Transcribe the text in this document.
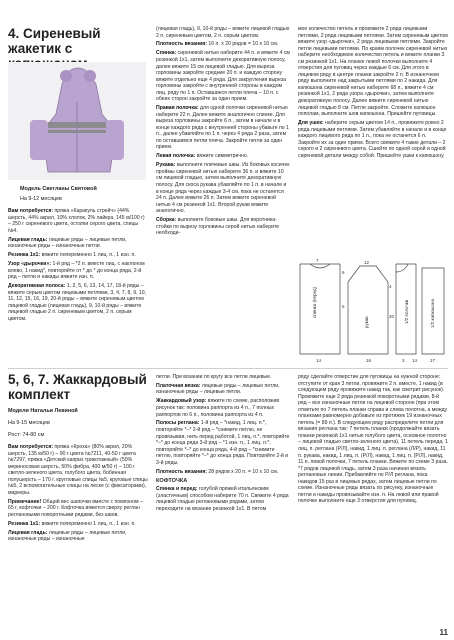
4. Сиреневый жакетик с
Модель Светланы Святовой
На 9-12 месяцев

Вам потребуется: пряжа «Каракуль стрейч» (44% шерсть, 44% акрил, 10% хлопок, 2% лайкра, 145 м/100 г) – 250 г сиреневого цвета, остатки серого цвета, спицы №4.

Лицевая гладь: лицевые ряды – лицевые петли, изнаночные ряды – изнаночные петли.

Резинка 1х1: вяжите попеременно 1 лиц. п., 1 изн. п.

Узор «дырочки»: 1-й ряд – *2 п. вместе лиц. с наклоном влево, 1 накид*, повторяйте от * до * до конца ряда, 2-й ряд – петли и накиды вяжите изн. п.

Декоративная полоса: 1, 2, 5, 6, 13, 14, 17, 18-й ряды – вяжите серым цветом лицевыми петлями, 3, 4, 7, 8, 9, 10, 11, 12, 15, 16, 19, 20-й ряды – вяжите сиреневым цветом лицевой гладью (лицевая гладь), 9, 10-й ряды – вяжите лицевой гладью 2 п. сиреневым цветом, 2 п. серым цветом.

(лицевая гладь), 9, 10-й ряды – вяжите лицевой гладью 2 п. сиреневым цветом, 2 п. серым цветом.

Плотность вязания: 16 п. х 20 рядов = 10 х 10 см.

Спинка: сиреневой нитью наберите 44 п. и вяжите 4 см резинкой 1х1, затем выполните декоративную полосу, далее вяжите 15 см лицевой гладью. Для выреза горловины закройте средние 20 п. и каждую сторону вяжите отдельно еще 4 ряда. Для закругления выреза горловины закройте с внутренней стороны в каждом лиц. ряду по 1 п. Оставшиеся петли плеча – 10 п. с обеих сторон закройте за один прием.

Правая полочка: для одной полочки сиреневой нитью наберите 22 п. Далее вяжите аналогично спинке. Для выреза горловины закройте 6 п., затем в начале и в конце каждого ряда с внутренней стороны убавьте по 1 п., далее убавляйте по 1 п. через 4 ряда 2 раза, затем по оставшимся петли плеча. Закройте петли за один прием.

Левая полочка: вяжите симметрично.

Рукава: выполните плечевые швы. Из боковых косичек проймы сиреневой нитью наберите 36 п. и вяжите 10 см лицевой гладью, затем выполните декоративную полосу. Для скоса рукава убавляйте по 1 п. в начале и в конце ряда через каждые 3-4 см, пока не останется 24 п. Далее вяжите 26 п. Затем вяжите сиреневой нитью 4 см резинкой 1х1. Второй рукав вяжите аналогично.

Сборка: выполните боковые швы. Для воротника-стойки по вырезу горловины серой нитью наберите необходи-

мое количество петель и провяжите 2 ряда лицевыми петлями, 2 ряда лицевыми петлями. Затем сиреневым цветом вяжите узор «дырочки», 2 ряда лицевыми петлями. Закройте петли лицевыми петлями. По краям полочек сиреневой нитью наберите необходимое количество петель и вяжите планки 3 см резинкой 1х1. На планке левой полочки выполните 4 отверстия для пуговиц через каждые 6 см. Для этого в лицевом ряду в центре планки закройте 2 п. В изнаночном ряду выполните над закрытыми петлями по 2 накида. Для капюшона сиреневой нитью наберите 68 п., вяжите 4 см резинкой 1х1, 2 ряда узора «дырочки», затем выполните декоративную полосу. Далее вяжите сиреневой нитью лицевой гладью 8 см. Петли закройте. Сложите капюшон пополам, выполните шов капюшона. Пришейте пуговицы.

Для ушек: наберите серым цветом 14 п., провяжите ровно 2 ряда лицевыми петлями. Затем убавляйте в начале и в конце каждого лицевого ряда по 1 п., пока не останется 6 п. Закройте их за один прием. Всего свяжите 4 такие детали – 2 серого и 2 сиреневого цвета. Сшейте по одной серой и одной сиреневой детали между собой. Пришейте ушки к капюшону.

спинка (перед)
рукав	1/2 полочки	1/2 капюшона
14
7
6
5
12
16
4
20
3 14	17
5, 6, 7. Жаккардовый комплект
Модели Натальи Левиной
На 9-15 месяцев
Рост: 74-80 см

Вам потребуется: пряжа «Кроха» (80% акрил, 20% шерсть, 135 м/50 г) – 90 г цвета №7211, 40-50 г цвета №7297, пряжа «Детский каприз трикотажный» (50% мериносовая шерсть, 50% фибра, 400 м/50 г) – 100 г светло-зеленого цвета, голубого цвета, бобинная полушерсть – 170 г, кругловые спицы №5, круговые спицы №5, 2 вспомогательные спицы на леске (с фиксаторами), маркеры.

Примечание! Общий вес шапочки вместе с помпоном – 65 г, кофточки – 200 г. Кофточка вяжется сверху реглан реглановыми поворотными рядами, без швов.

Резинка 1х1: вяжите попеременно 1 лиц. п., 1 изн. п.

Лицевая гладь: лицевые ряды – лицевые петли, изнаночные ряды – изнаночные

петли. При вязании по кругу все петли лицевые.

Платочная вязка: лицевые ряды – лицевые петли, изнаночные ряды – лицевые петли.

Жаккардовый узор: вяжите по схеме, расположив рисунок так: половина раппорта из 4 п., 7 полных раппортов по 6 п., половина раппорта из 4 п.

Полосы реглана: 1-й ряд – *накид, 1 лиц. п.*, повторяйте *–* 2-й ряд – *снимите петлю, не провязывая, нить перед работой, 1 лиц. п.*, повторяйте *–* до конца ряда 3-й ряд – *1 изн. п., 1 лиц. п.*, повторяйте *–* до конца ряда, 4-й ряд – *снимите петлю, повторяйте *–* до конца ряда. Повторяйте 2-й и 3-й ряды.

Плотность вязания: 28 рядов х 20 п. = 10 х 10 см.

КОФТОЧКА

Спинка и перед: голубой пряжей итальянским (эластичным) способом наберите 70 п. Свяжите 4 ряда лицевой гладью реглановыми рядами, затем переходите на вязание резинкой 1х1. В пятом

ряду сделайте отверстие для пуговицы на нужной стороне: отступите от края 3 петли, провяжите 2 п. вместе, 1 накид (в следующем ряду провяжите накид так, как смотрит рисунок). Провяжите еще 2 ряда резинкой поворотными рядами, 8-й ряд – все изнаночные петли на лицевой стороне (при этом отметьте по 7 петель планки справа и слева полотна, а между планками равномерно добавьте из протяжек 19 изнаночных петель (= 89 п.). В следующем ряду распределите петли для вязания реглана так: 7 петель планки (продолжайте вязать планки резинкой 1х1 нитью голубого цвета, основное полотно – лицевой гладью светло-зеленого цвета), 11 петель переда, 1 лиц. п. реглана (Р/Л), накид, 1 лиц. п. реглана (Л/Р), накид, 11 п. рукава, накид, 1 лиц. п. (Р/Л), накид, 1 лиц. п. (Р/Л), накид, 11 п. левой полочки, 7 петель планки. Вяжите по схеме 3 раза. *7 рядов лицевой гладь, затем 3 раза начиная вязать реглановые линии. Прибавляйте по Р/Л реглана, пока накидов 15 раз в лицевых рядах, затем лицевые петли по схеме. Изнаночные ряды вязать по рисунку, изнаночные петли и накиды провязывайте изн. п. На левой или правой полочке выполните еще 3 отверстия для пуговиц.

11
